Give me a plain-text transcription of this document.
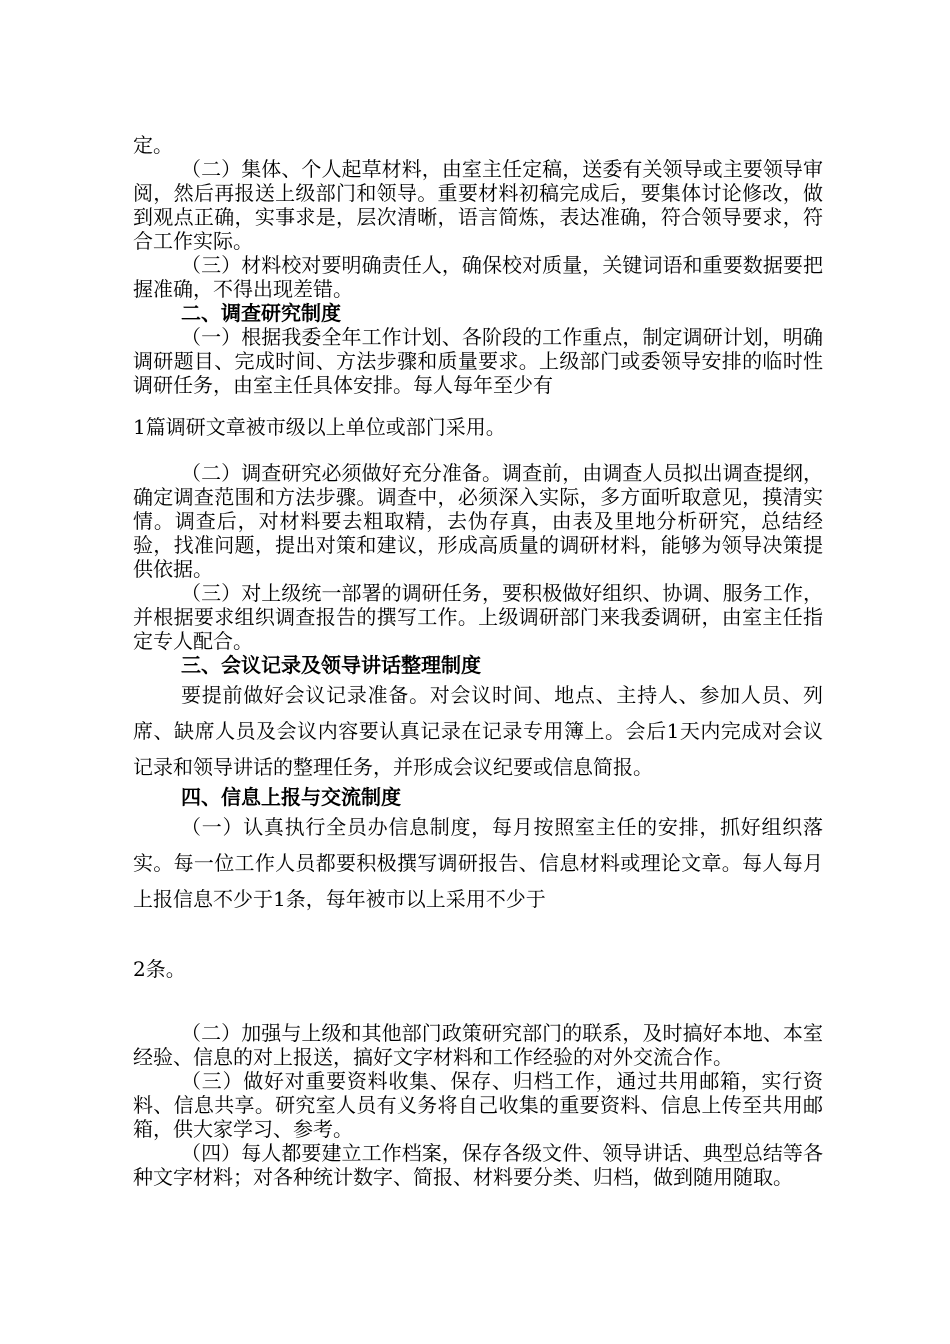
定。

（二）集体、个人起草材料，由室主任定稿，送委有关领导或主要领导审阅，然后再报送上级部门和领导。重要材料初稿完成后，要集体讨论修改，做到观点正确，实事求是，层次清晰，语言简炼，表达准确，符合领导要求，符合工作实际。

（三）材料校对要明确责任人，确保校对质量，关键词语和重要数据要把握准确，不得出现差错。

二、调查研究制度

（一）根据我委全年工作计划、各阶段的工作重点，制定调研计划，明确调研题目、完成时间、方法步骤和质量要求。上级部门或委领导安排的临时性调研任务，由室主任具体安排。每人每年至少有

1篇调研文章被市级以上单位或部门采用。

（二）调查研究必须做好充分准备。调查前，由调查人员拟出调查提纲，确定调查范围和方法步骤。调查中，必须深入实际，多方面听取意见，摸清实情。调查后，对材料要去粗取精，去伪存真，由表及里地分析研究，总结经验，找准问题，提出对策和建议，形成高质量的调研材料，能够为领导决策提供依据。

（三）对上级统一部署的调研任务，要积极做好组织、协调、服务工作，并根据要求组织调查报告的撰写工作。上级调研部门来我委调研，由室主任指定专人配合。

三、会议记录及领导讲话整理制度

要提前做好会议记录准备。对会议时间、地点、主持人、参加人员、列席、缺席人员及会议内容要认真记录在记录专用簿上。会后1天内完成对会议记录和领导讲话的整理任务，并形成会议纪要或信息简报。

四、信息上报与交流制度

（一）认真执行全员办信息制度，每月按照室主任的安排，抓好组织落实。每一位工作人员都要积极撰写调研报告、信息材料或理论文章。每人每月上报信息不少于1条，每年被市以上采用不少于

2条。

（二）加强与上级和其他部门政策研究部门的联系，及时搞好本地、本室经验、信息的对上报送，搞好文字材料和工作经验的对外交流合作。

（三）做好对重要资料收集、保存、归档工作，通过共用邮箱，实行资料、信息共享。研究室人员有义务将自己收集的重要资料、信息上传至共用邮箱，供大家学习、参考。

（四）每人都要建立工作档案，保存各级文件、领导讲话、典型总结等各种文字材料；对各种统计数字、简报、材料要分类、归档，做到随用随取。
